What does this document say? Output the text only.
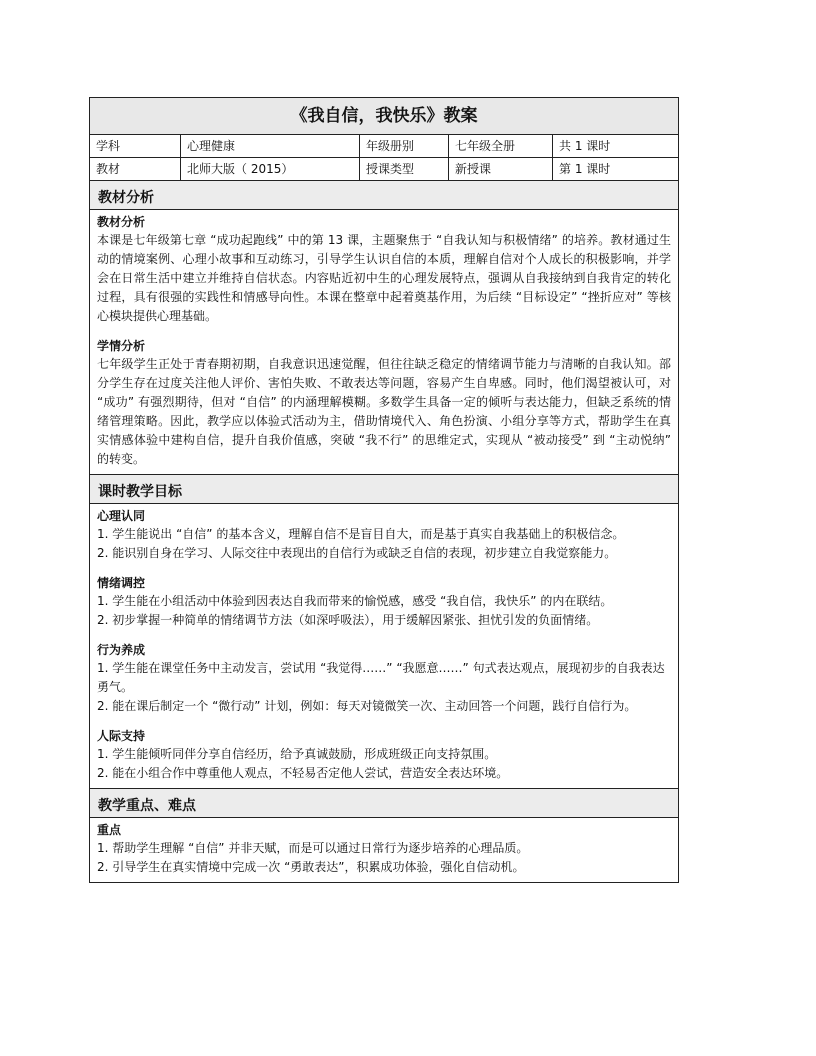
《我自信，我快乐》教案
学科	心理健康	年级册别	七年级全册	共 1 课时
教材	北师大版（ 2015）	授课类型	新授课	第 1 课时
教材分析
教材分析

本课是七年级第七章 “成功起跑线” 中的第 13 课，主题聚焦于 “自我认知与积极情绪” 的培养。教材通过生动的情境案例、心理小故事和互动练习，引导学生认识自信的本质，理解自信对个人成长的积极影响，并学会在日常生活中建立并维持自信状态。内容贴近初中生的心理发展特点，强调从自我接纳到自我肯定的转化过程，具有很强的实践性和情感导向性。本课在整章中起着奠基作用，为后续 “目标设定” “挫折应对” 等核心模块提供心理基础。

学情分析

七年级学生正处于青春期初期，自我意识迅速觉醒，但往往缺乏稳定的情绪调节能力与清晰的自我认知。部分学生存在过度关注他人评价、害怕失败、不敢表达等问题，容易产生自卑感。同时，他们渴望被认可，对 “成功” 有强烈期待，但对 “自信” 的内涵理解模糊。多数学生具备一定的倾听与表达能力，但缺乏系统的情绪管理策略。因此，教学应以体验式活动为主，借助情境代入、角色扮演、小组分享等方式，帮助学生在真实情感体验中建构自信，提升自我价值感，突破 “我不行” 的思维定式，实现从 “被动接受” 到 “主动悦纳” 的转变。

课时教学目标
心理认同

1. 学生能说出 “自信” 的基本含义，理解自信不是盲目自大，而是基于真实自我基础上的积极信念。

2. 能识别自身在学习、人际交往中表现出的自信行为或缺乏自信的表现，初步建立自我觉察能力。

情绪调控

1. 学生能在小组活动中体验到因表达自我而带来的愉悦感，感受 “我自信，我快乐” 的内在联结。

2. 初步掌握一种简单的情绪调节方法（如深呼吸法），用于缓解因紧张、担忧引发的负面情绪。

行为养成

1. 学生能在课堂任务中主动发言，尝试用 “我觉得……” “我愿意……” 句式表达观点，展现初步的自我表达勇气。

2. 能在课后制定一个 “微行动” 计划，例如：每天对镜微笑一次、主动回答一个问题，践行自信行为。

人际支持

1. 学生能倾听同伴分享自信经历，给予真诚鼓励，形成班级正向支持氛围。

2. 能在小组合作中尊重他人观点，不轻易否定他人尝试，营造安全表达环境。

教学重点、难点
重点

1. 帮助学生理解 “自信” 并非天赋，而是可以通过日常行为逐步培养的心理品质。

2. 引导学生在真实情境中完成一次 “勇敢表达”，积累成功体验，强化自信动机。
